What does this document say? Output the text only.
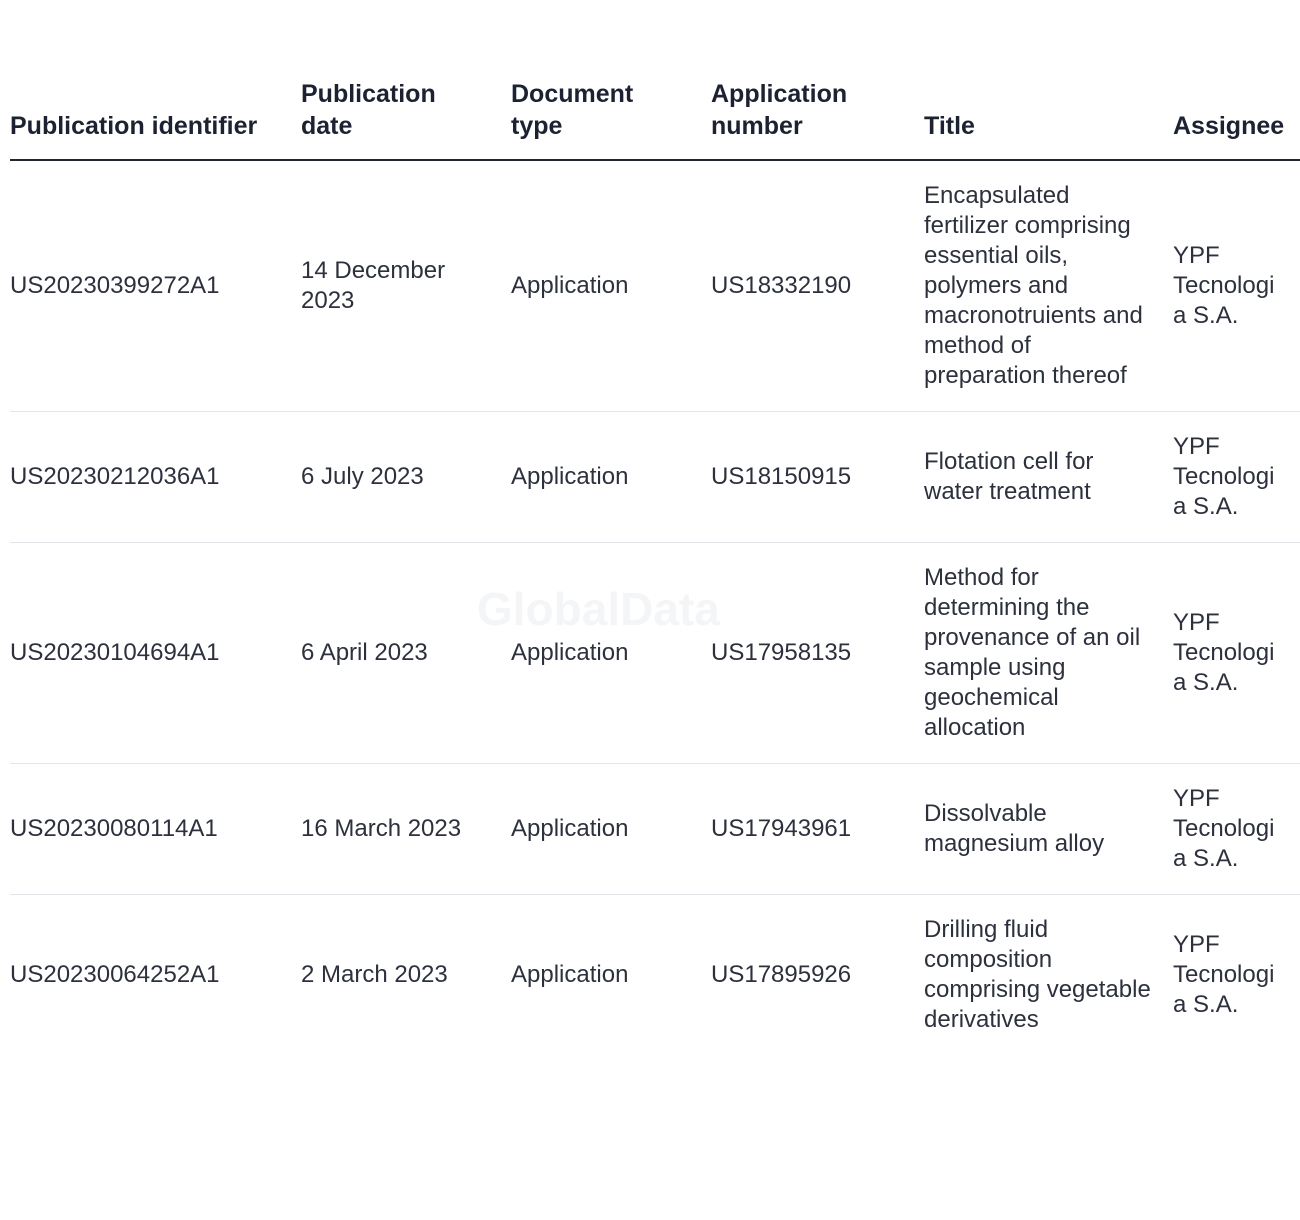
GlobalData
Publication identifier	Publication date	Document type	Application number	Title	Assignee
US20230399272A1	14 December 2023	Application	US18332190	Encapsulated fertilizer comprising essential oils, polymers and macronotruients and method of preparation thereof	YPF Tecnologia S.A.
US20230212036A1	6 July 2023	Application	US18150915	Flotation cell for water treatment	YPF Tecnologia S.A.
US20230104694A1	6 April 2023	Application	US17958135	Method for determining the provenance of an oil sample using geochemical allocation	YPF Tecnologia S.A.
US20230080114A1	16 March 2023	Application	US17943961	Dissolvable magnesium alloy	YPF Tecnologia S.A.
US20230064252A1	2 March 2023	Application	US17895926	Drilling fluid composition comprising vegetable derivatives	YPF Tecnologia S.A.
